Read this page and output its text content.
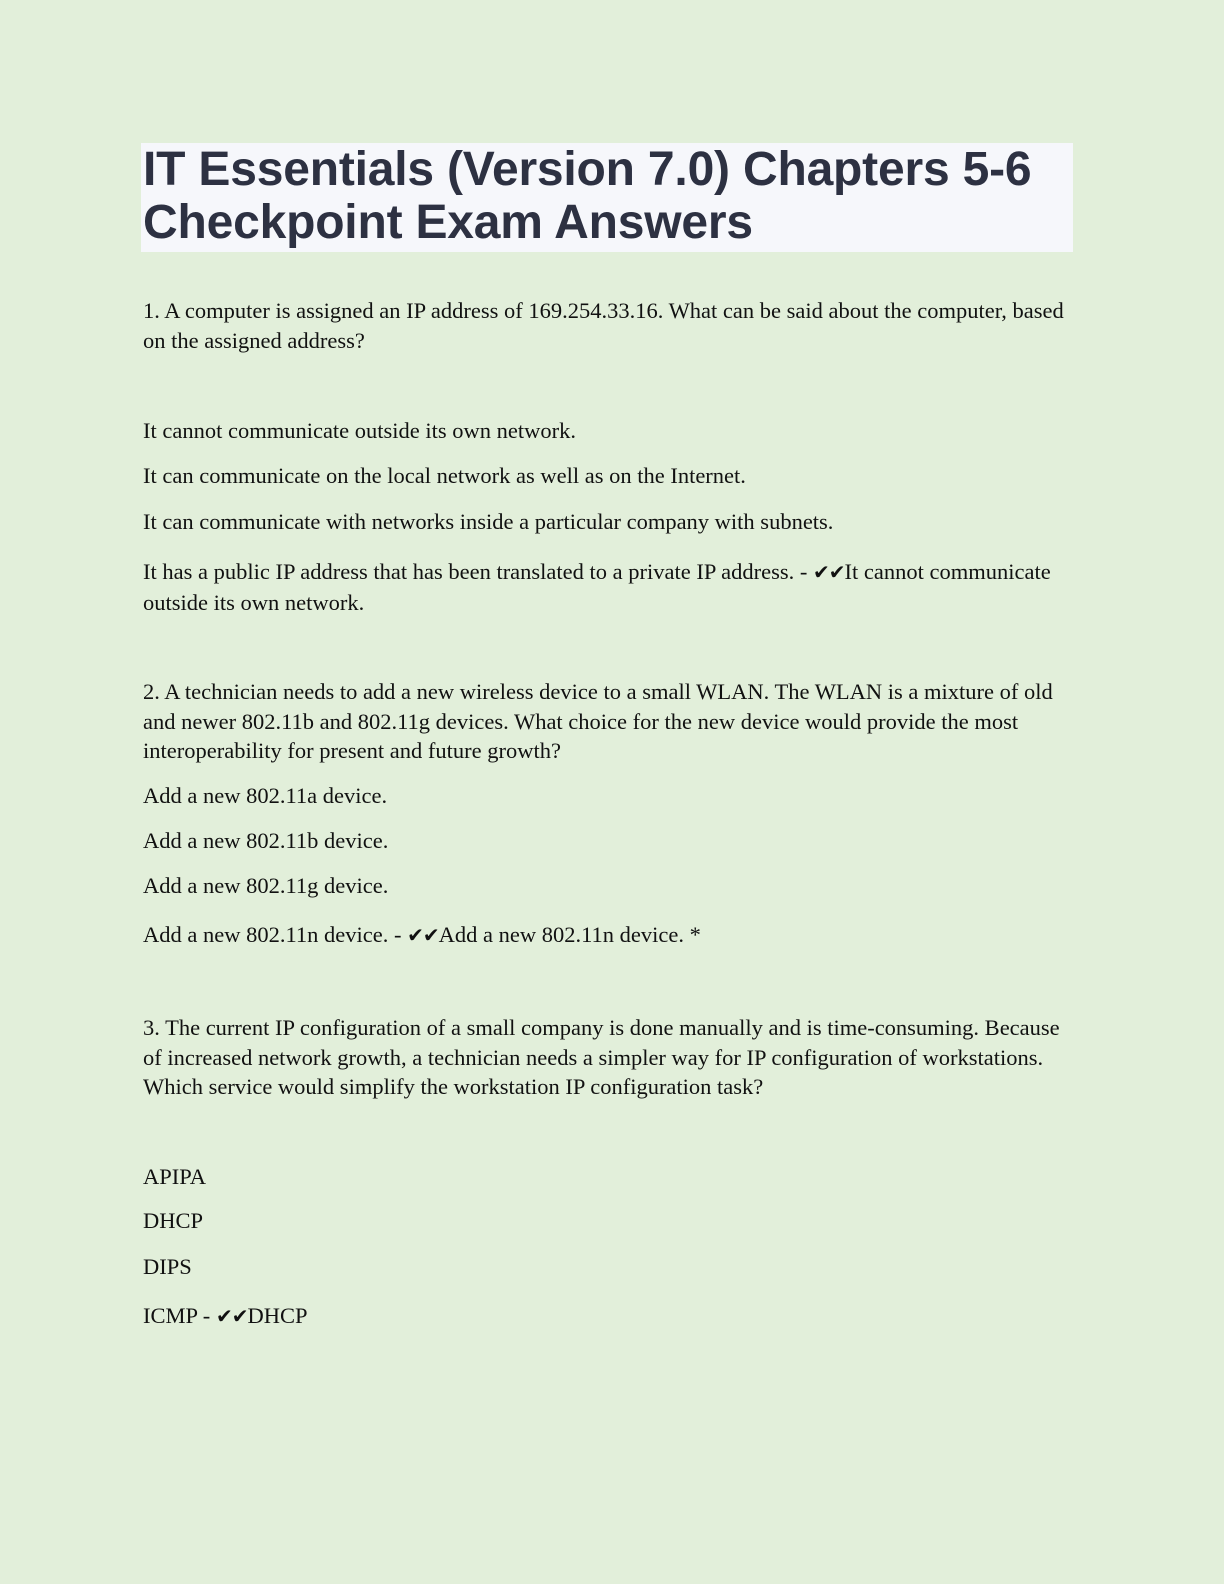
IT Essentials (Version 7.0) Chapters 5-6 Checkpoint Exam Answers

1. A computer is assigned an IP address of 169.254.33.16. What can be said about the computer, based on the assigned address?

It cannot communicate outside its own network.

It can communicate on the local network as well as on the Internet.

It can communicate with networks inside a particular company with subnets.

It has a public IP address that has been translated to a private IP address. - ✔✔It cannot communicate outside its own network.

2. A technician needs to add a new wireless device to a small WLAN. The WLAN is a mixture of old and newer 802.11b and 802.11g devices. What choice for the new device would provide the most interoperability for present and future growth?

Add a new 802.11a device.

Add a new 802.11b device.

Add a new 802.11g device.

Add a new 802.11n device. - ✔✔Add a new 802.11n device. *

3. The current IP configuration of a small company is done manually and is time-consuming. Because of increased network growth, a technician needs a simpler way for IP configuration of workstations. Which service would simplify the workstation IP configuration task?

APIPA

DHCP

DIPS

ICMP - ✔✔DHCP
